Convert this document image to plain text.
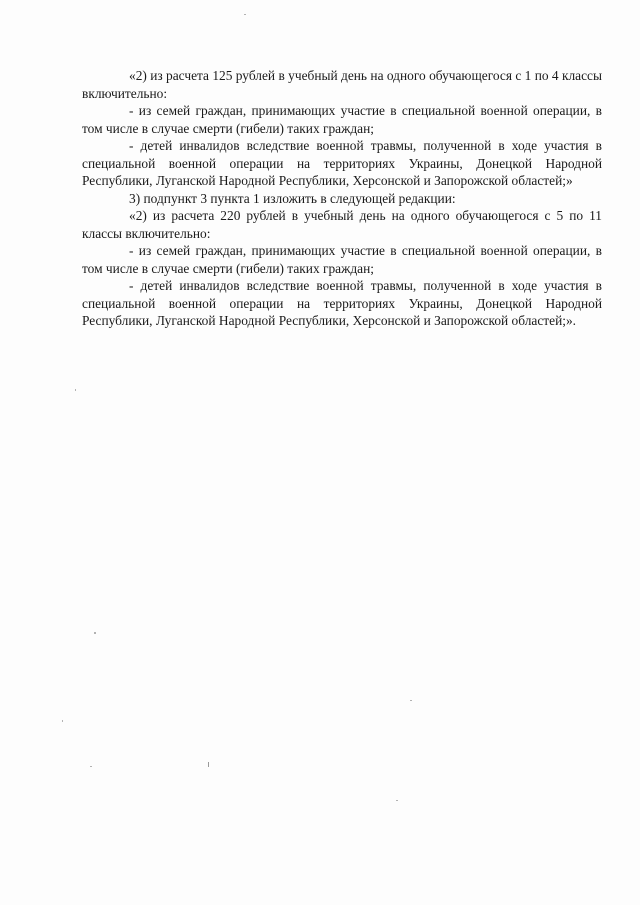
«2) из расчета 125 рублей в учебный день на одного обучающегося с 1 по 4 классы включительно:

- из семей граждан, принимающих участие в специальной военной операции, в том числе в случае смерти (гибели) таких граждан;

- детей инвалидов вследствие военной травмы, полученной в ходе участия в специальной военной операции на территориях Украины, Донецкой Народной Республики, Луганской Народной Республики, Херсонской и Запорожской областей;»

3) подпункт 3 пункта 1 изложить в следующей редакции:

«2) из расчета 220 рублей в учебный день на одного обучающегося с 5 по 11 классы включительно:

- из семей граждан, принимающих участие в специальной военной операции, в том числе в случае смерти (гибели) таких граждан;

- детей инвалидов вследствие военной травмы, полученной в ходе участия в специальной военной операции на территориях Украины, Донецкой Народной Республики, Луганской Народной Республики, Херсонской и Запорожской областей;».
